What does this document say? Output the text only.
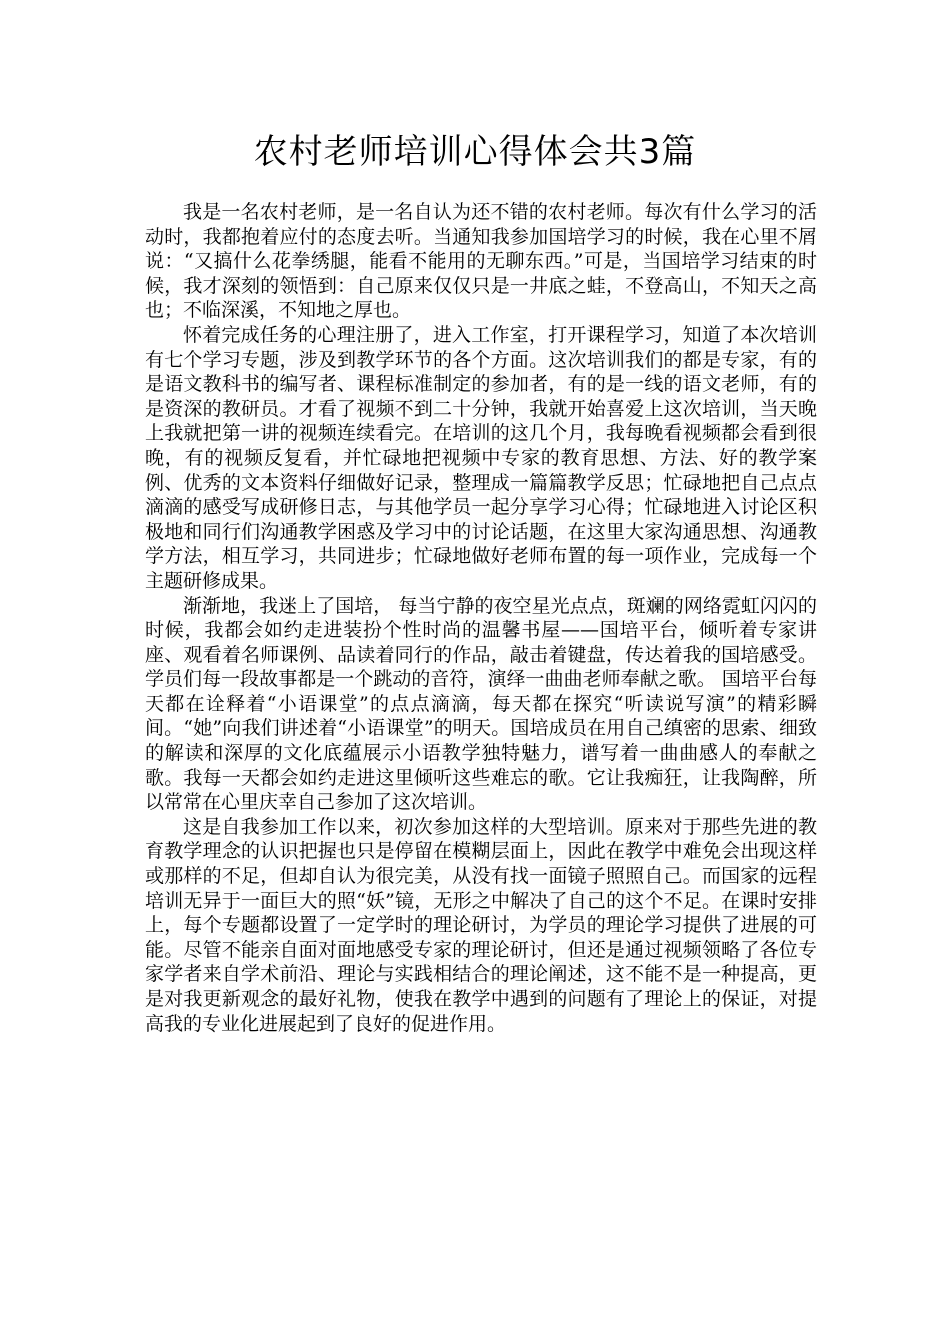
农村老师培训心得体会共3篇

我是一名农村老师，是一名自认为还不错的农村老师。每次有什么学习的活动时，我都抱着应付的态度去听。当通知我参加国培学习的时候，我在心里不屑说：“又搞什么花拳绣腿，能看不能用的无聊东西。”可是，当国培学习结束的时候，我才深刻的领悟到：自己原来仅仅只是一井底之蛙，不登高山，不知天之高也；不临深溪，不知地之厚也。

怀着完成任务的心理注册了，进入工作室，打开课程学习，知道了本次培训有七个学习专题，涉及到教学环节的各个方面。这次培训我们的都是专家，有的是语文教科书的编写者、课程标准制定的参加者，有的是一线的语文老师，有的是资深的教研员。才看了视频不到二十分钟，我就开始喜爱上这次培训，当天晚上我就把第一讲的视频连续看完。在培训的这几个月，我每晚看视频都会看到很晚，有的视频反复看，并忙碌地把视频中专家的教育思想、方法、好的教学案例、优秀的文本资料仔细做好记录，整理成一篇篇教学反思；忙碌地把自己点点滴滴的感受写成研修日志，与其他学员一起分享学习心得；忙碌地进入讨论区积极地和同行们沟通教学困惑及学习中的讨论话题，在这里大家沟通思想、沟通教学方法，相互学习，共同进步；忙碌地做好老师布置的每一项作业，完成每一个主题研修成果。

渐渐地，我迷上了国培， 每当宁静的夜空星光点点，斑斓的网络霓虹闪闪的时候，我都会如约走进装扮个性时尚的温馨书屋——国培平台，倾听着专家讲座、观看着名师课例、品读着同行的作品，敲击着键盘，传达着我的国培感受。学员们每一段故事都是一个跳动的音符，演绎一曲曲老师奉献之歌。 国培平台每天都在诠释着“小语课堂”的点点滴滴，每天都在探究“听读说写演”的精彩瞬间。“她”向我们讲述着“小语课堂”的明天。国培成员在用自己缜密的思索、细致的解读和深厚的文化底蕴展示小语教学独特魅力，谱写着一曲曲感人的奉献之歌。我每一天都会如约走进这里倾听这些难忘的歌。它让我痴狂，让我陶醉，所以常常在心里庆幸自己参加了这次培训。

这是自我参加工作以来，初次参加这样的大型培训。原来对于那些先进的教育教学理念的认识把握也只是停留在模糊层面上，因此在教学中难免会出现这样或那样的不足，但却自认为很完美，从没有找一面镜子照照自己。而国家的远程培训无异于一面巨大的照“妖”镜，无形之中解决了自己的这个不足。在课时安排上，每个专题都设置了一定学时的理论研讨，为学员的理论学习提供了进展的可能。尽管不能亲自面对面地感受专家的理论研讨，但还是通过视频领略了各位专家学者来自学术前沿、理论与实践相结合的理论阐述，这不能不是一种提高，更是对我更新观念的最好礼物，使我在教学中遇到的问题有了理论上的保证，对提高我的专业化进展起到了良好的促进作用。
